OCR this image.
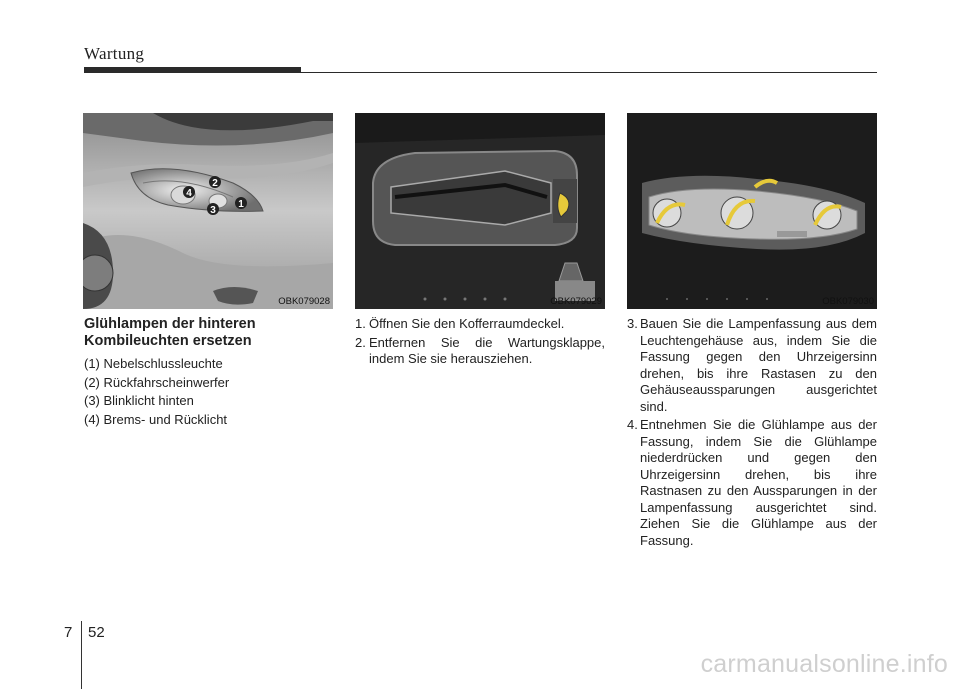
Wartung
4
2
3
1
OBK079028	OBK079029	OBK079030
Glühlampen der hinteren
Kombileuchten ersetzen
(1) Nebelschlussleuchte
(2) Rückfahrscheinwerfer
(3) Blinklicht hinten
(4) Brems- und Rücklicht
1. Öffnen Sie den Kofferraumdeckel.
2. Entfernen Sie die Wartungsklappe, indem Sie sie herausziehen.
3. Bauen Sie die Lampenfassung aus dem Leuchtengehäuse aus, indem Sie die Fassung gegen den Uhrzeigersinn drehen, bis ihre Rastasen zu den Gehäuseaussparungen ausgerichtet sind.
4. Entnehmen Sie die Glühlampe aus der Fassung, indem Sie die Glühlampe niederdrücken und gegen den Uhrzeigersinn drehen, bis ihre Rastnasen zu den Aussparungen in der Lampenfassung ausgerichtet sind. Ziehen Sie die Glühlampe aus der Fassung.
7 52
carmanualsonline.info
